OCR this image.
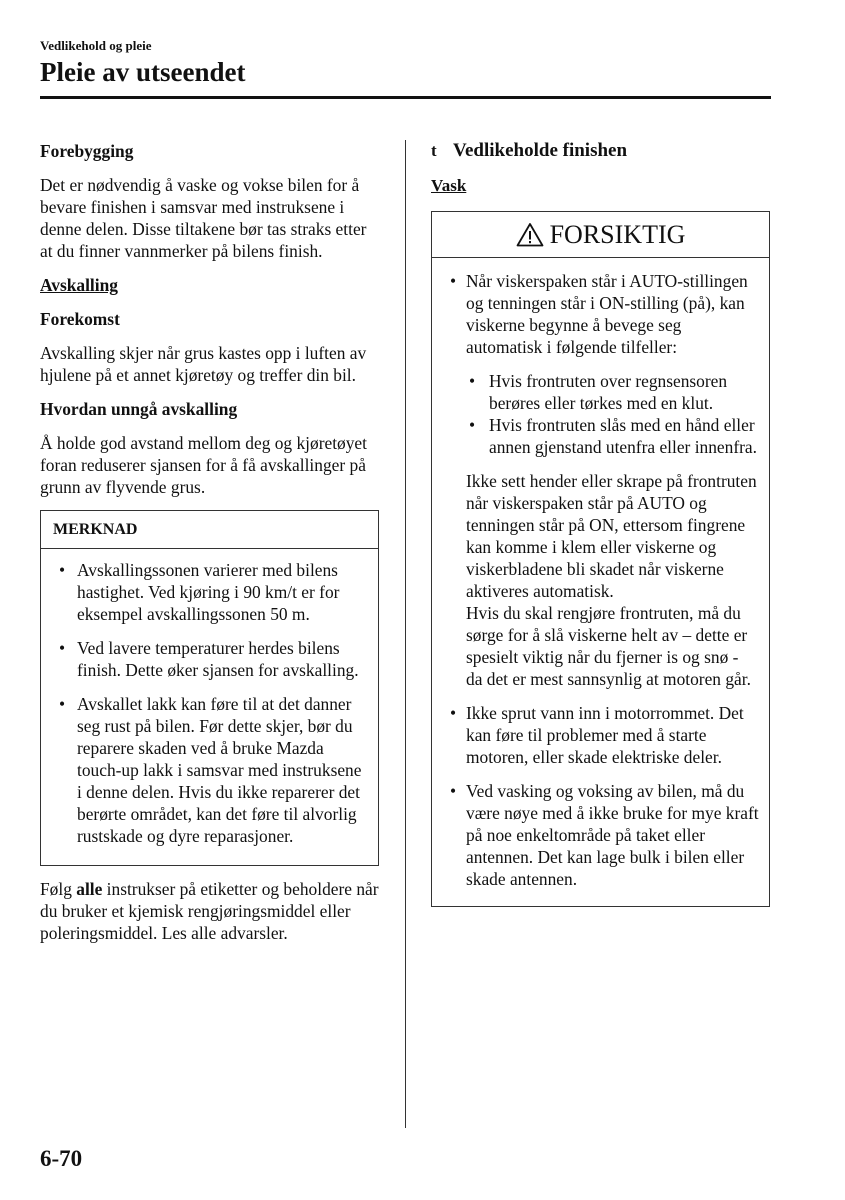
Vedlikehold og pleie
Pleie av utseendet
Forebygging
Det er nødvendig å vaske og vokse bilen for å bevare finishen i samsvar med instruksene i denne delen. Disse tiltakene bør tas straks etter at du finner vannmerker på bilens finish.
Avskalling
Forekomst
Avskalling skjer når grus kastes opp i luften av hjulene på et annet kjøretøy og treffer din bil.
Hvordan unngå avskalling
Å holde god avstand mellom deg og kjøretøyet foran reduserer sjansen for å få avskallinger på grunn av flyvende grus.
MERKNAD
• Avskallingssonen varierer med bilens hastighet. Ved kjøring i 90 km/t er for eksempel avskallingssonen 50 m.
• Ved lavere temperaturer herdes bilens finish. Dette øker sjansen for avskalling.
• Avskallet lakk kan føre til at det danner seg rust på bilen. Før dette skjer, bør du reparere skaden ved å bruke Mazda touch-up lakk i samsvar med instruksene i denne delen. Hvis du ikke reparerer det berørte området, kan det føre til alvorlig rustskade og dyre reparasjoner.
Følg alle instrukser på etiketter og beholdere når du bruker et kjemisk rengjøringsmiddel eller poleringsmiddel. Les alle advarsler.
t Vedlikeholde finishen
Vask
FORSIKTIG
• Når viskerspaken står i AUTO-stillingen og tenningen står i ON-stilling (på), kan viskerne begynne å bevege seg automatisk i følgende tilfeller:
• Hvis frontruten over regnsensoren berøres eller tørkes med en klut.
• Hvis frontruten slås med en hånd eller annen gjenstand utenfra eller innenfra.
Ikke sett hender eller skrape på frontruten når viskerspaken står på AUTO og tenningen står på ON, ettersom fingrene kan komme i klem eller viskerne og viskerbladene bli skadet når viskerne aktiveres automatisk.
Hvis du skal rengjøre frontruten, må du sørge for å slå viskerne helt av – dette er spesielt viktig når du fjerner is og snø - da det er mest sannsynlig at motoren går.
• Ikke sprut vann inn i motorrommet. Det kan føre til problemer med å starte motoren, eller skade elektriske deler.
• Ved vasking og voksing av bilen, må du være nøye med å ikke bruke for mye kraft på noe enkeltområde på taket eller antennen. Det kan lage bulk i bilen eller skade antennen.
6-70
